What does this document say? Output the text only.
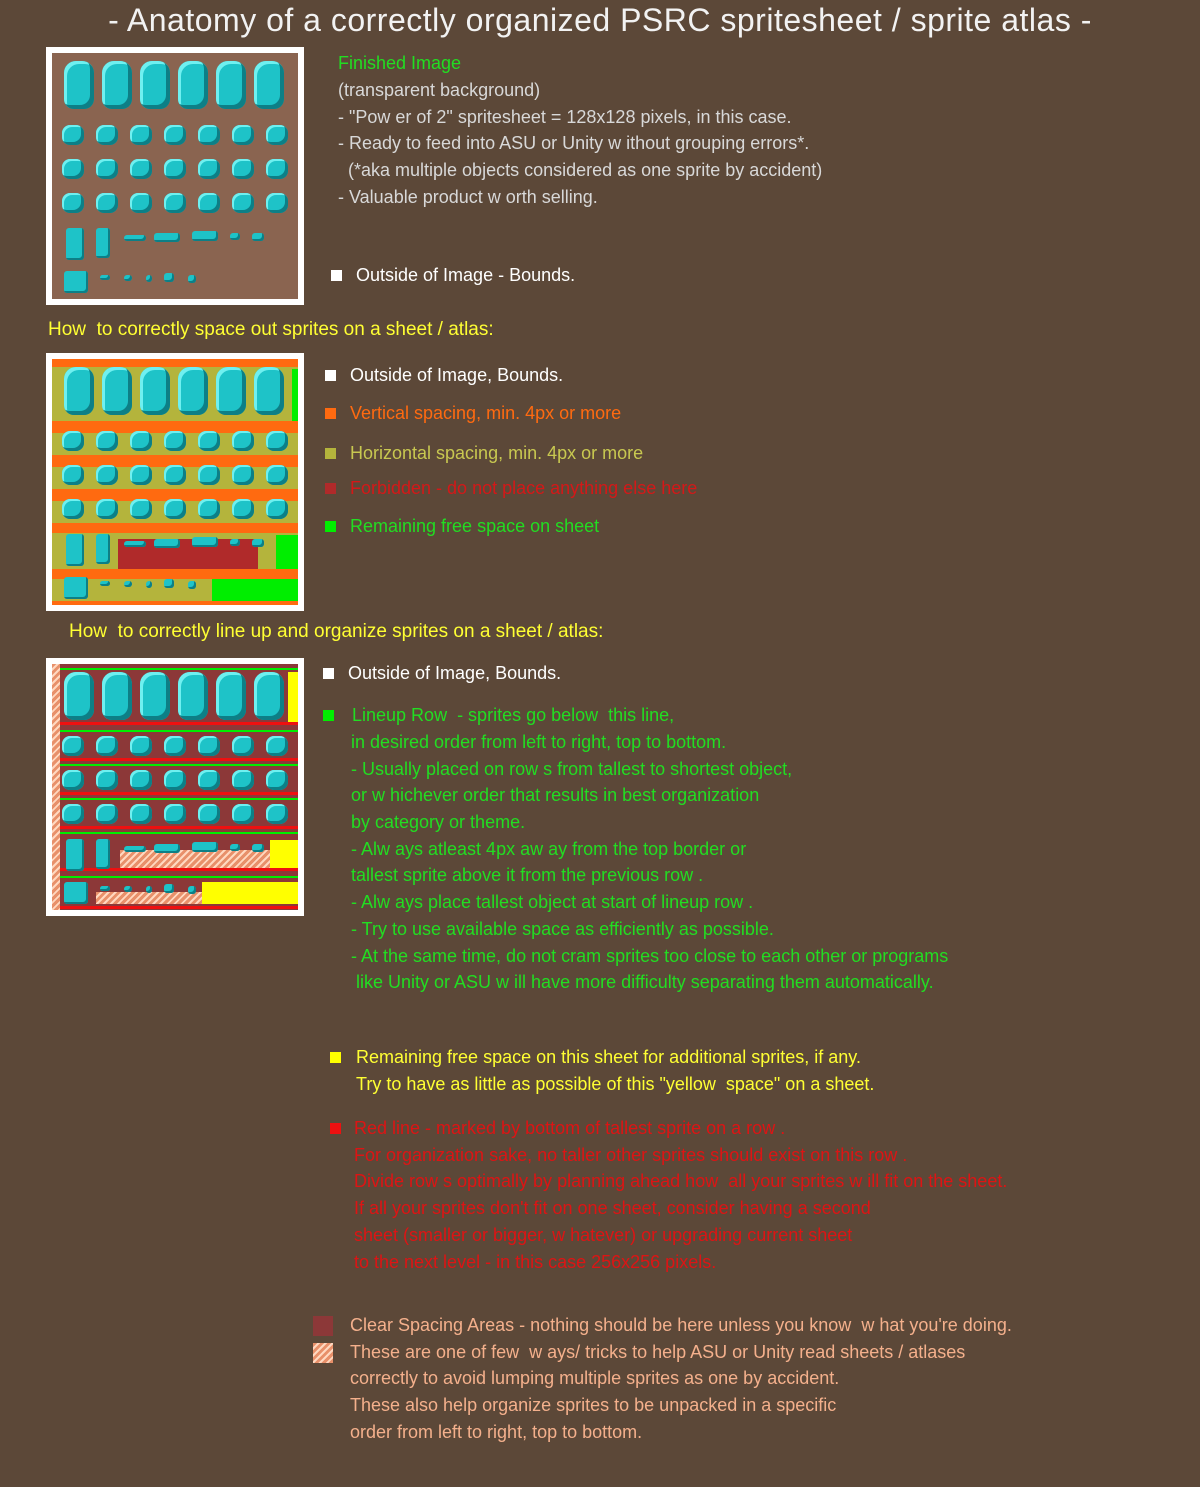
- Anatomy of a correctly organized PSRC spritesheet / sprite atlas -
Finished Image
(transparent background)
- "Pow er of 2" spritesheet = 128x128 pixels, in this case.
- Ready to feed into ASU or Unity w ithout grouping errors*.
(*aka multiple objects considered as one sprite by accident)
- Valuable product w orth selling.
Outside of Image - Bounds.
How  to correctly space out sprites on a sheet / atlas:
Outside of Image, Bounds.
Vertical spacing, min. 4px or more
Horizontal spacing, min. 4px or more
Forbidden - do not place anything else here
Remaining free space on sheet
How  to correctly line up and organize sprites on a sheet / atlas:
Outside of Image, Bounds.
Lineup Row  - sprites go below  this line,
in desired order from left to right, top to bottom.
- Usually placed on row s from tallest to shortest object,
or w hichever order that results in best organization
by category or theme.
- Alw ays atleast 4px aw ay from the top border or
tallest sprite above it from the previous row .
- Alw ays place tallest object at start of lineup row .
- Try to use available space as efficiently as possible.
- At the same time, do not cram sprites too close to each other or programs
like Unity or ASU w ill have more difficulty separating them automatically.
Remaining free space on this sheet for additional sprites, if any.
Try to have as little as possible of this "yellow  space" on a sheet.
Red line - marked by bottom of tallest sprite on a row .
For organization sake, no taller other sprites should exist on this row .
Divide row s optimally by planning ahead how  all your sprites w ill fit on the sheet.
If all your sprites don't fit on one sheet, consider having a second
sheet (smaller or bigger, w hatever) or upgrading current sheet
to the next level - in this case 256x256 pixels.
Clear Spacing Areas - nothing should be here unless you know  w hat you're doing.
These are one of few  w ays/ tricks to help ASU or Unity read sheets / atlases
correctly to avoid lumping multiple sprites as one by accident.
These also help organize sprites to be unpacked in a specific
order from left to right, top to bottom.
